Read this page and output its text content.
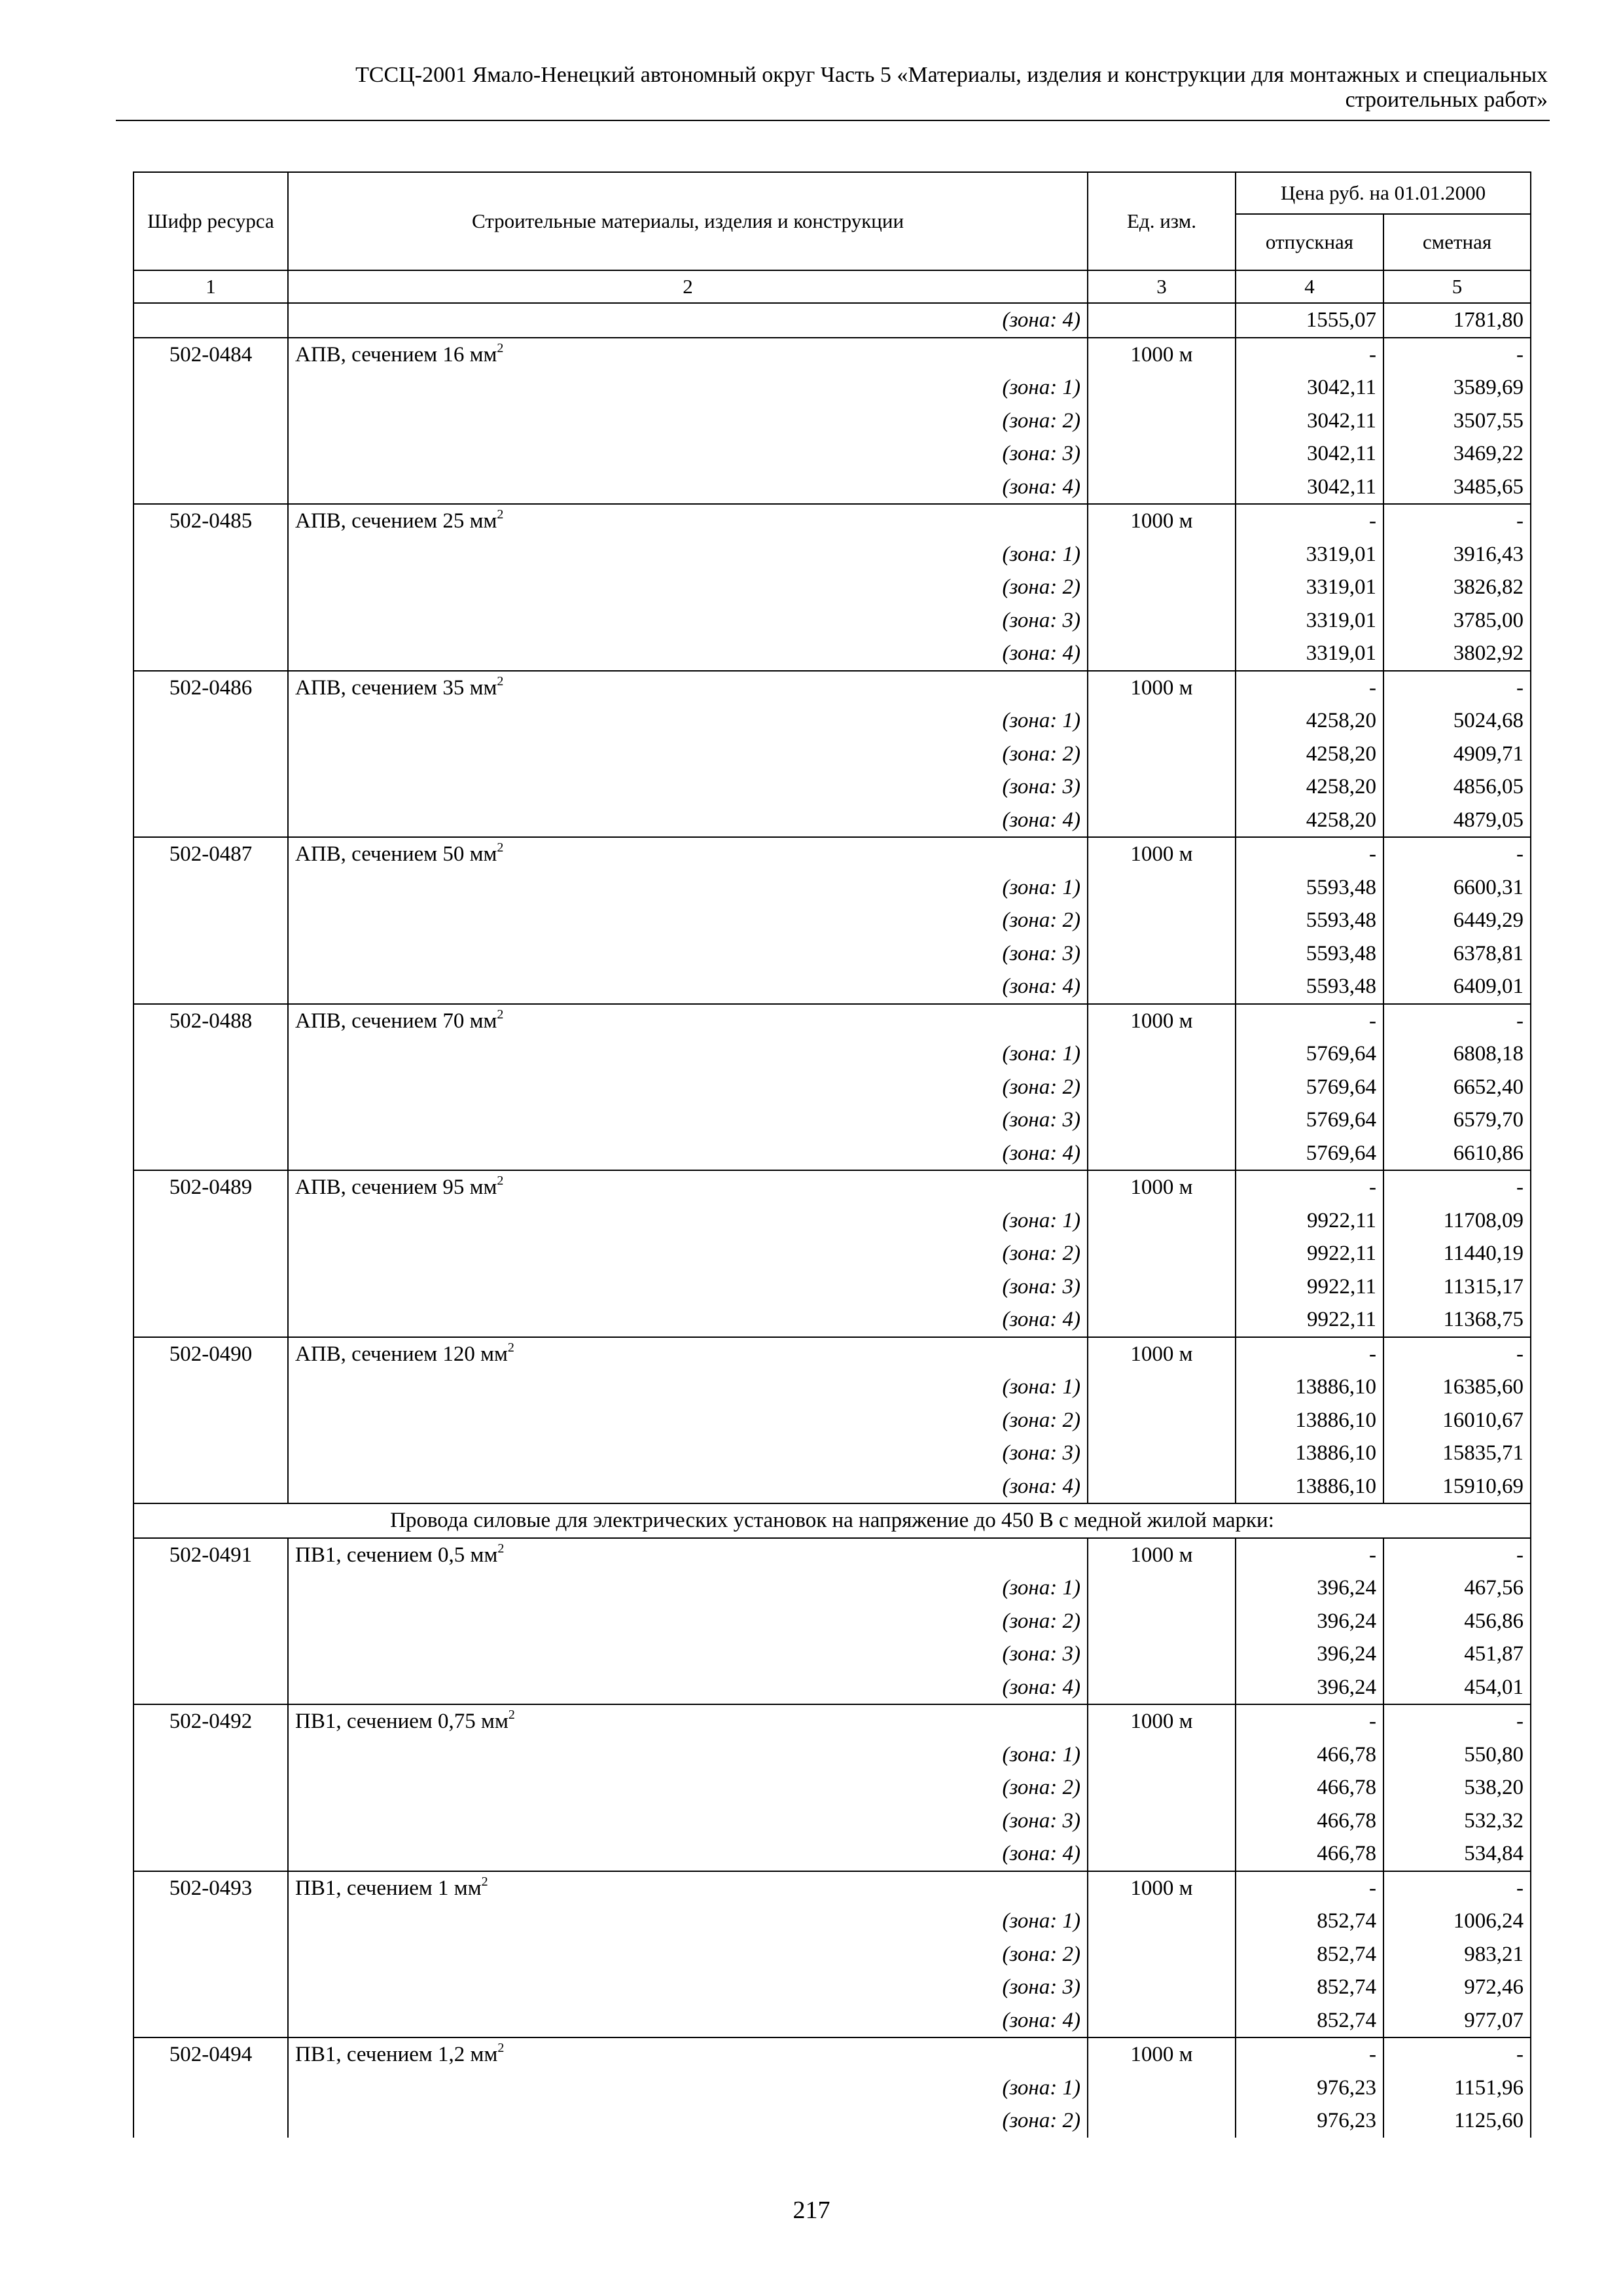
ТССЦ-2001 Ямало-Ненецкий автономный округ Часть 5 «Материалы, изделия и конструкции для монтажных и специальных
строительных работ»
Шифр ресурса	Строительные материалы, изделия и конструкции	Ед. изм.	Цена руб. на 01.01.2000	
			отпускная	сметная
1	2	3	4	5
	(зона: 4)		1555,07	1781,80
502-0484	АПВ, сечением 16 $мм^2$	1000 м	-	-
	(зона: 1)		3042,11	3589,69
	(зона: 2)		3042,11	3507,55
	(зона: 3)		3042,11	3469,22
	(зона: 4)		3042,11	3485,65
502-0485	АПВ, сечением 25 $мм^2$	1000 м	-	-
	(зона: 1)		3319,01	3916,43
	(зона: 2)		3319,01	3826,82
	(зона: 3)		3319,01	3785,00
	(зона: 4)		3319,01	3802,92
502-0486	АПВ, сечением 35 $мм^2$	1000 м	-	-
	(зона: 1)		4258,20	5024,68
	(зона: 2)		4258,20	4909,71
	(зона: 3)		4258,20	4856,05
	(зона: 4)		4258,20	4879,05
502-0487	АПВ, сечением 50 $мм^2$	1000 м	-	-
	(зона: 1)		5593,48	6600,31
	(зона: 2)		5593,48	6449,29
	(зона: 3)		5593,48	6378,81
	(зона: 4)		5593,48	6409,01
502-0488	АПВ, сечением 70 $мм^2$	1000 м	-	-
	(зона: 1)		5769,64	6808,18
	(зона: 2)		5769,64	6652,40
	(зона: 3)		5769,64	6579,70
	(зона: 4)		5769,64	6610,86
502-0489	АПВ, сечением 95 $мм^2$	1000 м	-	-
	(зона: 1)		9922,11	11708,09
	(зона: 2)		9922,11	11440,19
	(зона: 3)		9922,11	11315,17
	(зона: 4)		9922,11	11368,75
502-0490	АПВ, сечением 120 $мм^2$	1000 м	-	-
	(зона: 1)		13886,10	16385,60
	(зона: 2)		13886,10	16010,67
	(зона: 3)		13886,10	15835,71
	(зона: 4)		13886,10	15910,69
Провода силовые для электрических установок на напряжение до 450 В с медной жилой марки:				
502-0491	ПВ1, сечением 0,5 $мм^2$	1000 м	-	-
	(зона: 1)		396,24	467,56
	(зона: 2)		396,24	456,86
	(зона: 3)		396,24	451,87
	(зона: 4)		396,24	454,01
502-0492	ПВ1, сечением 0,75 $мм^2$	1000 м	-	-
	(зона: 1)		466,78	550,80
	(зона: 2)		466,78	538,20
	(зона: 3)		466,78	532,32
	(зона: 4)		466,78	534,84
502-0493	ПВ1, сечением 1 $мм^2$	1000 м	-	-
	(зона: 1)		852,74	1006,24
	(зона: 2)		852,74	983,21
	(зона: 3)		852,74	972,46
	(зона: 4)		852,74	977,07
502-0494	ПВ1, сечением 1,2 $мм^2$	1000 м	-	-
	(зона: 1)		976,23	1151,96
	(зона: 2)		976,23	1125,60
217
